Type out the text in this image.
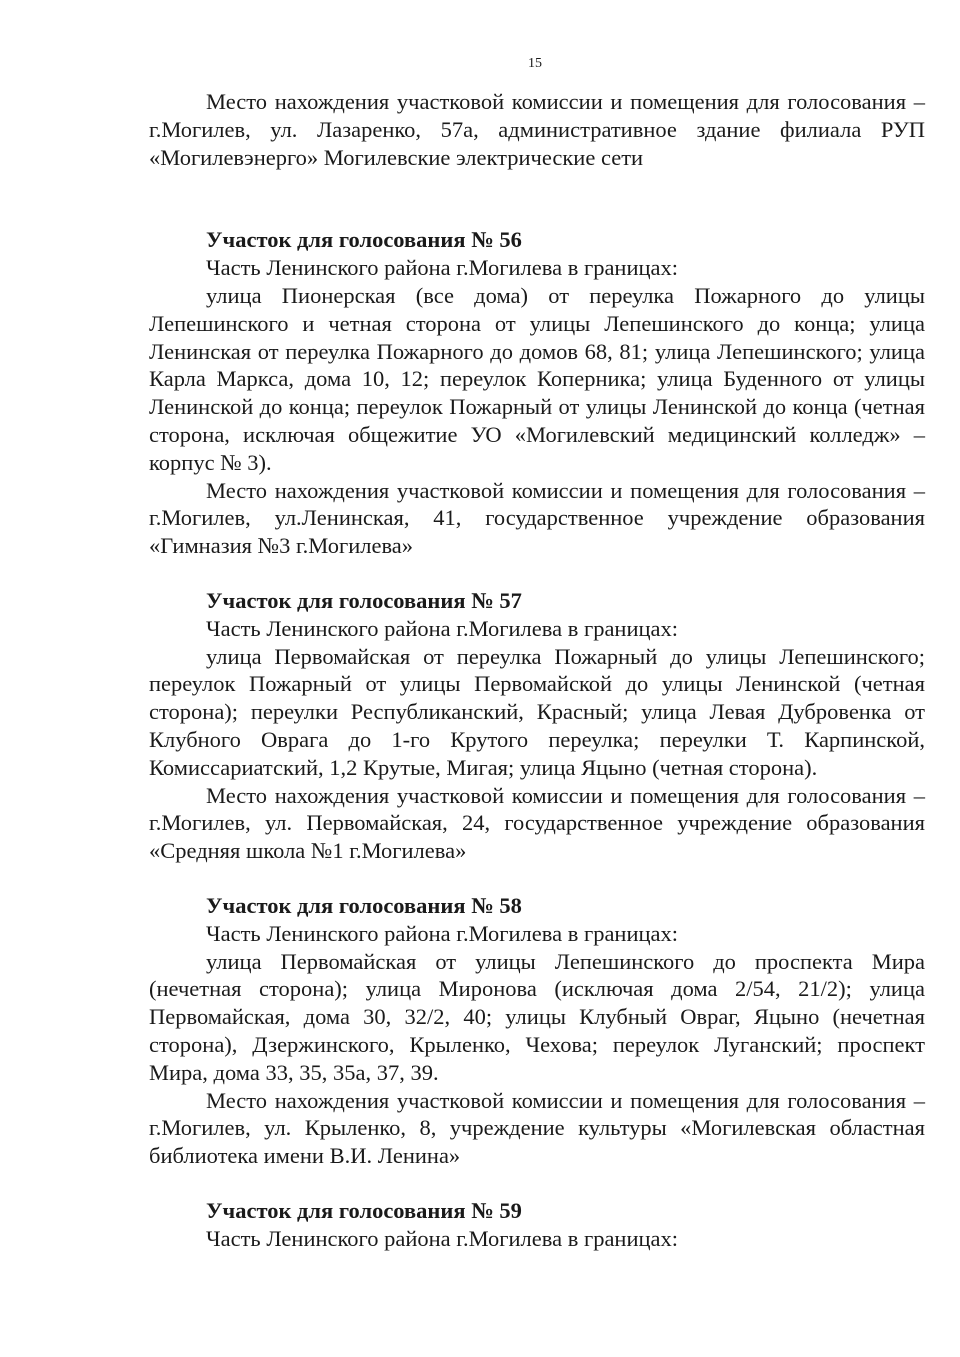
15

Место нахождения участковой комиссии и помещения для голосования – г.Могилев, ул. Лазаренко, 57а, административное здание филиала РУП «Могилевэнерго» Могилевские электрические сети

Участок для голосования № 56

Часть Ленинского района г.Могилева в границах:

улица Пионерская (все дома) от переулка Пожарного до улицы Лепешинского и четная сторона от улицы Лепешинского до конца; улица Ленинская от переулка Пожарного до домов 68, 81; улица Лепешинского; улица Карла Маркса, дома 10, 12; переулок Коперника; улица Буденного от улицы Ленинской до конца; переулок Пожарный от улицы Ленинской до конца (четная сторона, исключая общежитие УО «Могилевский медицинский колледж» – корпус № 3).

Место нахождения участковой комиссии и помещения для голосования – г.Могилев, ул.Ленинская, 41, государственное учреждение образования «Гимназия №3 г.Могилева»

Участок для голосования № 57

Часть Ленинского района г.Могилева в границах:

улица Первомайская от переулка Пожарный до улицы Лепешинского; переулок Пожарный от улицы Первомайской до улицы Ленинской (четная сторона); переулки Республиканский, Красный; улица Левая Дубровенка от Клубного Оврага до 1-го Крутого переулка; переулки Т. Карпинской, Комиссариатский, 1,2 Крутые, Мигая; улица Яцыно (четная сторона).

Место нахождения участковой комиссии и помещения для голосования – г.Могилев, ул. Первомайская, 24, государственное учреждение образования «Средняя школа №1 г.Могилева»

Участок для голосования № 58

Часть Ленинского района г.Могилева в границах:

улица Первомайская от улицы Лепешинского до проспекта Мира (нечетная сторона); улица Миронова (исключая дома 2/54, 21/2); улица Первомайская, дома 30, 32/2, 40; улицы Клубный Овраг, Яцыно (нечетная сторона), Дзержинского, Крыленко, Чехова; переулок Луганский; проспект Мира, дома 33, 35, 35а, 37, 39.

Место нахождения участковой комиссии и помещения для голосования – г.Могилев, ул. Крыленко, 8, учреждение культуры «Могилевская областная библиотека имени В.И. Ленина»

Участок для голосования № 59

Часть Ленинского района г.Могилева в границах:
